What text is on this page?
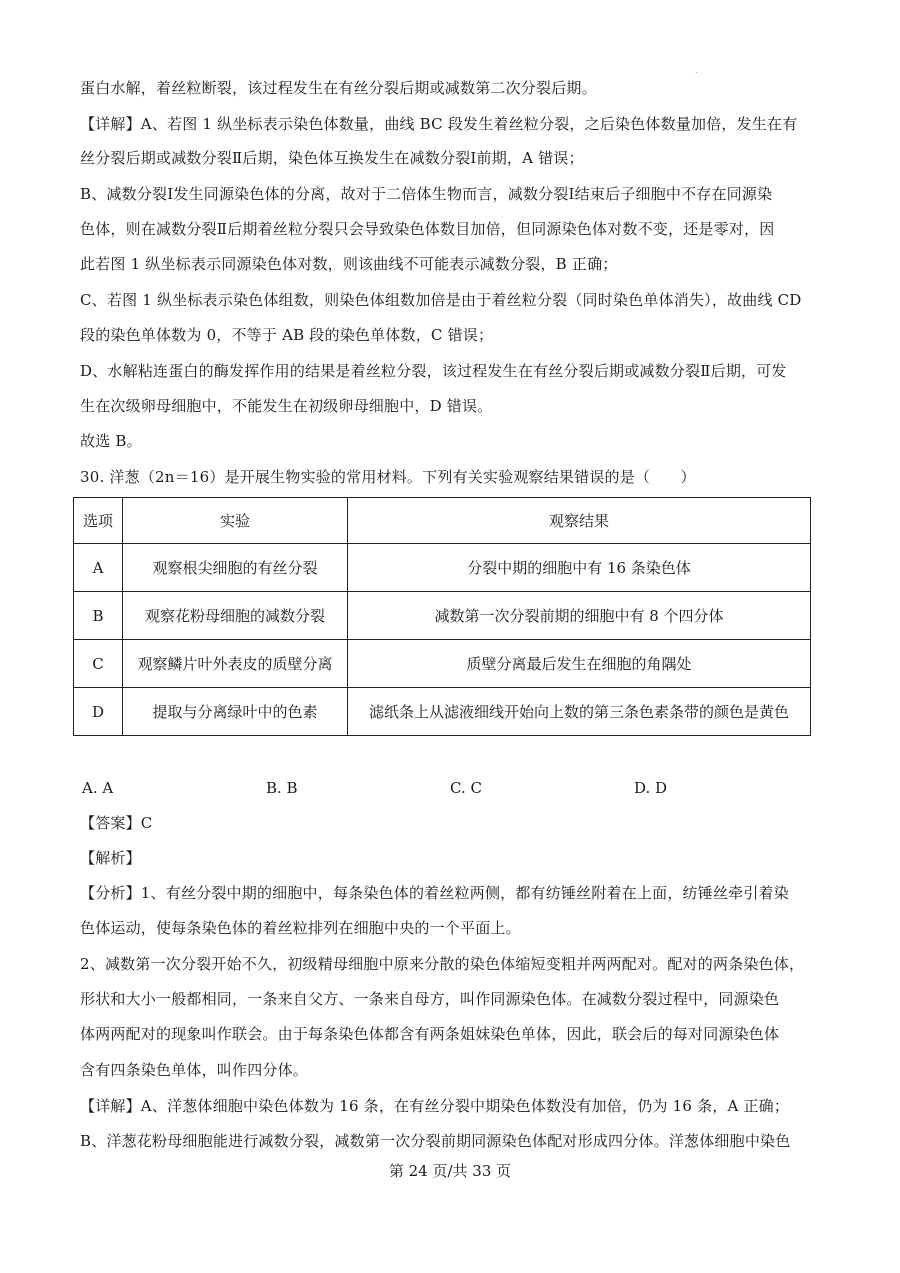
˙
蛋白水解，着丝粒断裂，该过程发生在有丝分裂后期或减数第二次分裂后期。
【详解】A、若图 1 纵坐标表示染色体数量，曲线 BC 段发生着丝粒分裂，之后染色体数量加倍，发生在有
丝分裂后期或减数分裂Ⅱ后期，染色体互换发生在减数分裂Ⅰ前期，A 错误；
B、减数分裂Ⅰ发生同源染色体的分离，故对于二倍体生物而言，减数分裂Ⅰ结束后子细胞中不存在同源染
色体，则在减数分裂Ⅱ后期着丝粒分裂只会导致染色体数目加倍，但同源染色体对数不变，还是零对，因
此若图 1 纵坐标表示同源染色体对数，则该曲线不可能表示减数分裂，B 正确；
C、若图 1 纵坐标表示染色体组数，则染色体组数加倍是由于着丝粒分裂（同时染色单体消失），故曲线 CD
段的染色单体数为 0，不等于 AB 段的染色单体数，C 错误；
D、水解粘连蛋白的酶发挥作用的结果是着丝粒分裂，该过程发生在有丝分裂后期或减数分裂Ⅱ后期，可发
生在次级卵母细胞中，不能发生在初级卵母细胞中，D 错误。
故选 B。
30. 洋葱（2n＝16）是开展生物实验的常用材料。下列有关实验观察结果错误的是（　　）
选项	实验	观察结果
A	观察根尖细胞的有丝分裂	分裂中期的细胞中有 16 条染色体
B	观察花粉母细胞的减数分裂	减数第一次分裂前期的细胞中有 8 个四分体
C	观察鳞片叶外表皮的质壁分离	质壁分离最后发生在细胞的角隅处
D	提取与分离绿叶中的色素	滤纸条上从滤液细线开始向上数的第三条色素条带的颜色是黄色
A. A	B. B	C. C	D. D
【答案】C
【解析】
【分析】1、有丝分裂中期的细胞中，每条染色体的着丝粒两侧，都有纺锤丝附着在上面，纺锤丝牵引着染
色体运动，使每条染色体的着丝粒排列在细胞中央的一个平面上。
2、减数第一次分裂开始不久，初级精母细胞中原来分散的染色体缩短变粗并两两配对。配对的两条染色体，
形状和大小一般都相同，一条来自父方、一条来自母方，叫作同源染色体。在减数分裂过程中，同源染色
体两两配对的现象叫作联会。由于每条染色体都含有两条姐妹染色单体，因此，联会后的每对同源染色体
含有四条染色单体，叫作四分体。
【详解】A、洋葱体细胞中染色体数为 16 条，在有丝分裂中期染色体数没有加倍，仍为 16 条，A 正确；
B、洋葱花粉母细胞能进行减数分裂，减数第一次分裂前期同源染色体配对形成四分体。洋葱体细胞中染色
第 24 页/共 33 页
